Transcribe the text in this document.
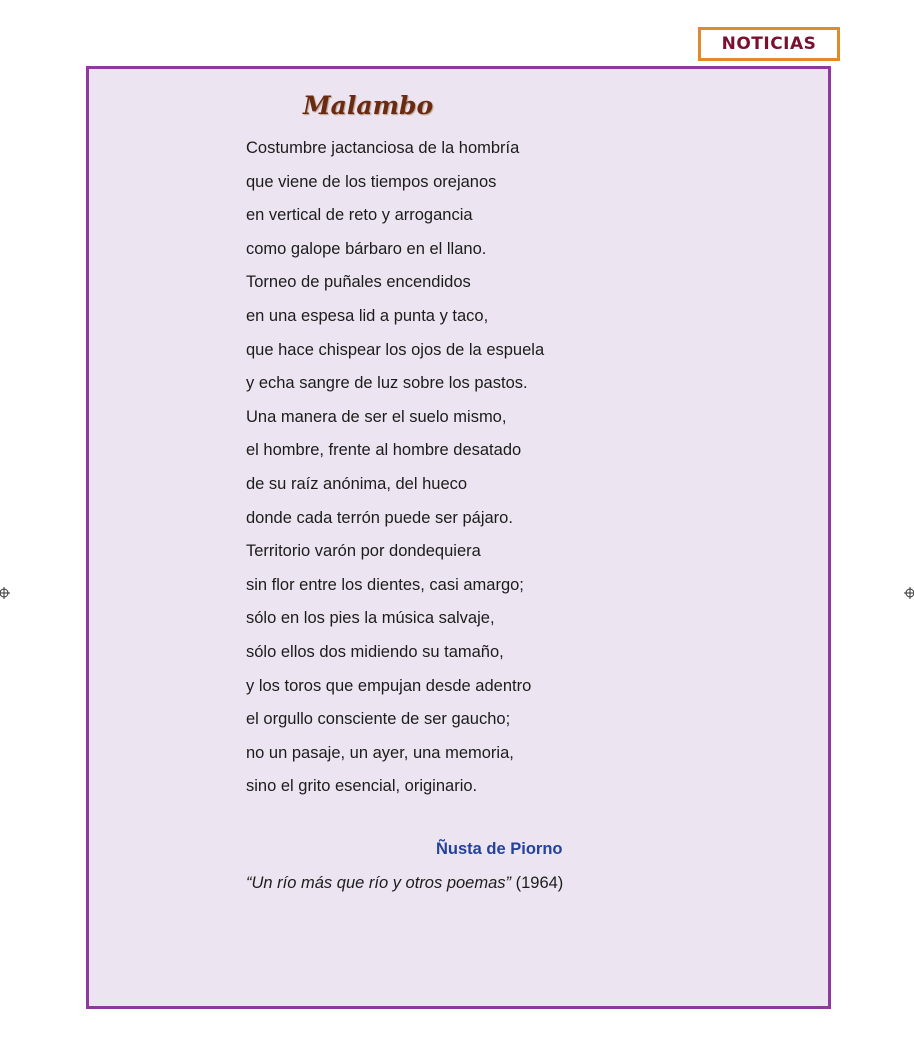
NOTICIAS
Malambo
Costumbre jactanciosa de la hombría
que viene de los tiempos orejanos
en vertical de reto y arrogancia
como galope bárbaro en el llano.
Torneo de puñales encendidos
en una espesa lid a punta y taco,
que hace chispear los ojos de la espuela
y echa sangre de luz sobre los pastos.
Una manera de ser el suelo mismo,
el hombre, frente al hombre desatado
de su raíz anónima, del hueco
donde cada terrón puede ser pájaro.
Territorio varón por dondequiera
sin flor entre los dientes, casi amargo;
sólo en los pies la música salvaje,
sólo ellos dos midiendo su tamaño,
y los toros que empujan desde adentro
el orgullo consciente de ser gaucho;
no un pasaje, un ayer, una memoria,
sino el grito esencial, originario.
Ñusta de Piorno
“Un río más que río y otros poemas” (1964)
